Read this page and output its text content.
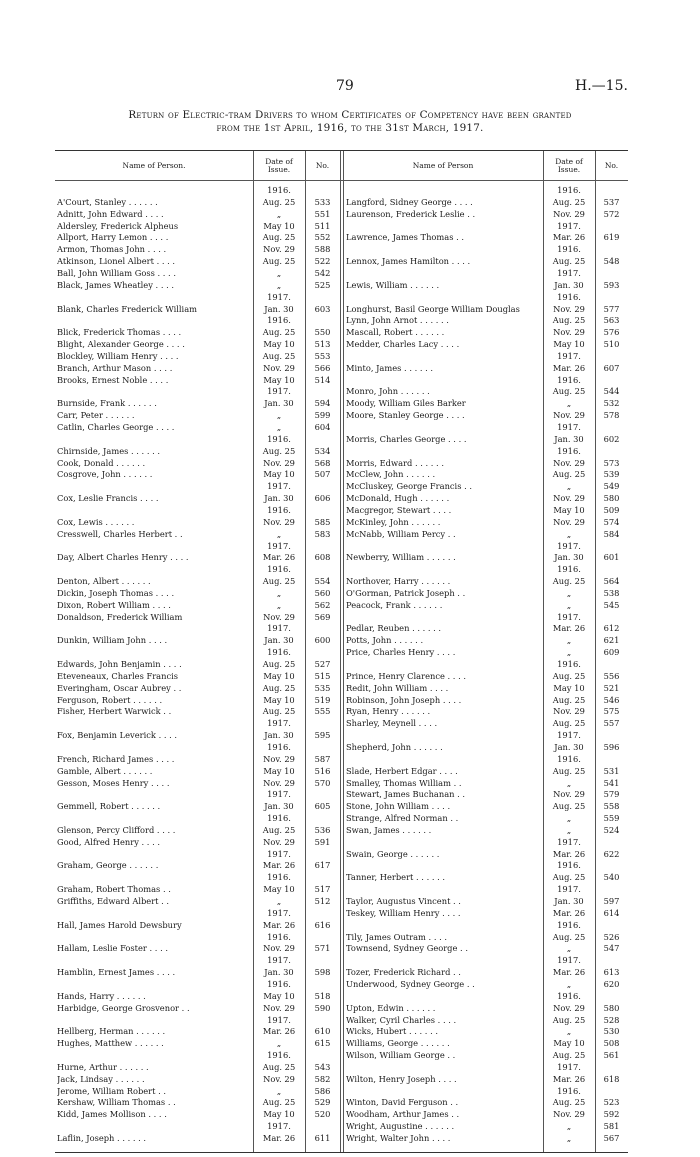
79	H.—15.
Return of Electric-tram Drivers to whom Certificates of Competency have been granted
from the 1st April, 1916, to the 31st March, 1917.
Name of Person.	Date of Issue.	No.	Name of Person	Date of Issue.	No.
1916.
A'Court, Stanley . . . . . .	Aug. 25	533
Adnitt, John Edward . . . .	„	551
Aldersley, Frederick Alpheus	May 10	511
Allport, Harry Lemon . . . .	Aug. 25	552
Armon, Thomas John . . . .	Nov. 29	588
Atkinson, Lionel Albert . . . .	Aug. 25	522
Ball, John William Goss . . . .	„	542
Black, James Wheatley . . . .	„	525
1917.
Blank, Charles Frederick William	Jan. 30	603
1916.
Blick, Frederick Thomas . . . .	Aug. 25	550
Blight, Alexander George . . . .	May 10	513
Blockley, William Henry . . . .	Aug. 25	553
Branch, Arthur Mason . . . .	Nov. 29	566
Brooks, Ernest Noble . . . .	May 10	514
1917.
Burnside, Frank . . . . . .	Jan. 30	594
Carr, Peter . . . . . .	„	599
Catlin, Charles George . . . .	„	604
1916.
Chirnside, James . . . . . .	Aug. 25	534
Cook, Donald . . . . . .	Nov. 29	568
Cosgrove, John . . . . . .	May 10	507
1917.
Cox, Leslie Francis . . . .	Jan. 30	606
1916.
Cox, Lewis . . . . . .	Nov. 29	585
Cresswell, Charles Herbert . .	„	583
1917.
Day, Albert Charles Henry . . . .	Mar. 26	608
1916.
Denton, Albert . . . . . .	Aug. 25	554
Dickin, Joseph Thomas . . . .	„	560
Dixon, Robert William . . . .	„	562
Donaldson, Frederick William	Nov. 29	569
1917.
Dunkin, William John . . . .	Jan. 30	600
1916.
Edwards, John Benjamin . . . .	Aug. 25	527
Eteveneaux, Charles Francis	May 10	515
Everingham, Oscar Aubrey . .	Aug. 25	535
Ferguson, Robert . . . . . .	May 10	519
Fisher, Herbert Warwick . .	Aug. 25	555
1917.
Fox, Benjamin Leverick . . . .	Jan. 30	595
1916.
French, Richard James . . . .	Nov. 29	587
Gamble, Albert . . . . . .	May 10	516
Gesson, Moses Henry . . . .	Nov. 29	570
1917.
Gemmell, Robert . . . . . .	Jan. 30	605
1916.
Glenson, Percy Clifford . . . .	Aug. 25	536
Good, Alfred Henry . . . .	Nov. 29	591
1917.
Graham, George . . . . . .	Mar. 26	617
1916.
Graham, Robert Thomas . .	May 10	517
Griffiths, Edward Albert . .	„	512
1917.
Hall, James Harold Dewsbury	Mar. 26	616
1916.
Hallam, Leslie Foster . . . .	Nov. 29	571
1917.
Hamblin, Ernest James . . . .	Jan. 30	598
1916.
Hands, Harry . . . . . .	May 10	518
Harbidge, George Grosvenor . .	Nov. 29	590
1917.
Hellberg, Herman . . . . . .	Mar. 26	610
Hughes, Matthew . . . . . .	„	615
1916.
Hurne, Arthur . . . . . .	Aug. 25	543
Jack, Lindsay . . . . . .	Nov. 29	582
Jerome, William Robert . .	„	586
Kershaw, William Thomas . .	Aug. 25	529
Kidd, James Mollison . . . .	May 10	520
1917.
Laflin, Joseph . . . . . .	Mar. 26	611
1916.
Langford, Sidney George . . . .	Aug. 25	537
Laurenson, Frederick Leslie . .	Nov. 29	572
1917.
Lawrence, James Thomas . .	Mar. 26	619
1916.
Lennox, James Hamilton . . . .	Aug. 25	548
1917.
Lewis, William . . . . . .	Jan. 30	593
1916.
Longhurst, Basil George William Douglas	Nov. 29	577
Lynn, John Arnot . . . . . .	Aug. 25	563
Mascall, Robert . . . . . .	Nov. 29	576
Medder, Charles Lacy . . . .	May 10	510
1917.
Minto, James . . . . . .	Mar. 26	607
1916.
Monro, John . . . . . .	Aug. 25	544
Moody, William Giles Barker	„	532
Moore, Stanley George . . . .	Nov. 29	578
1917.
Morris, Charles George . . . .	Jan. 30	602
1916.
Morris, Edward . . . . . .	Nov. 29	573
McClew, John . . . . . .	Aug. 25	539
McCluskey, George Francis . .	„	549
McDonald, Hugh . . . . . .	Nov. 29	580
Macgregor, Stewart . . . .	May 10	509
McKinley, John . . . . . .	Nov. 29	574
McNabb, William Percy . .	„	584
1917.
Newberry, William . . . . . .	Jan. 30	601
1916.
Northover, Harry . . . . . .	Aug. 25	564
O'Gorman, Patrick Joseph . .	„	538
Peacock, Frank . . . . . .	„	545
1917.
Pedlar, Reuben . . . . . .	Mar. 26	612
Potts, John . . . . . .	„	621
Price, Charles Henry . . . .	„	609
1916.
Prince, Henry Clarence . . . .	Aug. 25	556
Redit, John William . . . .	May 10	521
Robinson, John Joseph . . . .	Aug. 25	546
Ryan, Henry . . . . . .	Nov. 29	575
Sharley, Meynell . . . .	Aug. 25	557
1917.
Shepherd, John . . . . . .	Jan. 30	596
1916.
Slade, Herbert Edgar . . . .	Aug. 25	531
Smalley, Thomas William . .	„	541
Stewart, James Buchanan . .	Nov. 29	579
Stone, John William . . . .	Aug. 25	558
Strange, Alfred Norman . .	„	559
Swan, James . . . . . .	„	524
1917.
Swain, George . . . . . .	Mar. 26	622
1916.
Tanner, Herbert . . . . . .	Aug. 25	540
1917.
Taylor, Augustus Vincent . .	Jan. 30	597
Teskey, William Henry . . . .	Mar. 26	614
1916.
Tily, James Outram . . . .	Aug. 25	526
Townsend, Sydney George . .	„	547
1917.
Tozer, Frederick Richard . .	Mar. 26	613
Underwood, Sydney George . .	„	620
1916.
Upton, Edwin . . . . . .	Nov. 29	580
Walker, Cyril Charles . . . .	Aug. 25	528
Wicks, Hubert . . . . . .	„	530
Williams, George . . . . . .	May 10	508
Wilson, William George . .	Aug. 25	561
1917.
Wilton, Henry Joseph . . . .	Mar. 26	618
1916.
Winton, David Ferguson . .	Aug. 25	523
Woodham, Arthur James . .	Nov. 29	592
Wright, Augustine . . . . . .	„	581
Wright, Walter John . . . .	„	567
